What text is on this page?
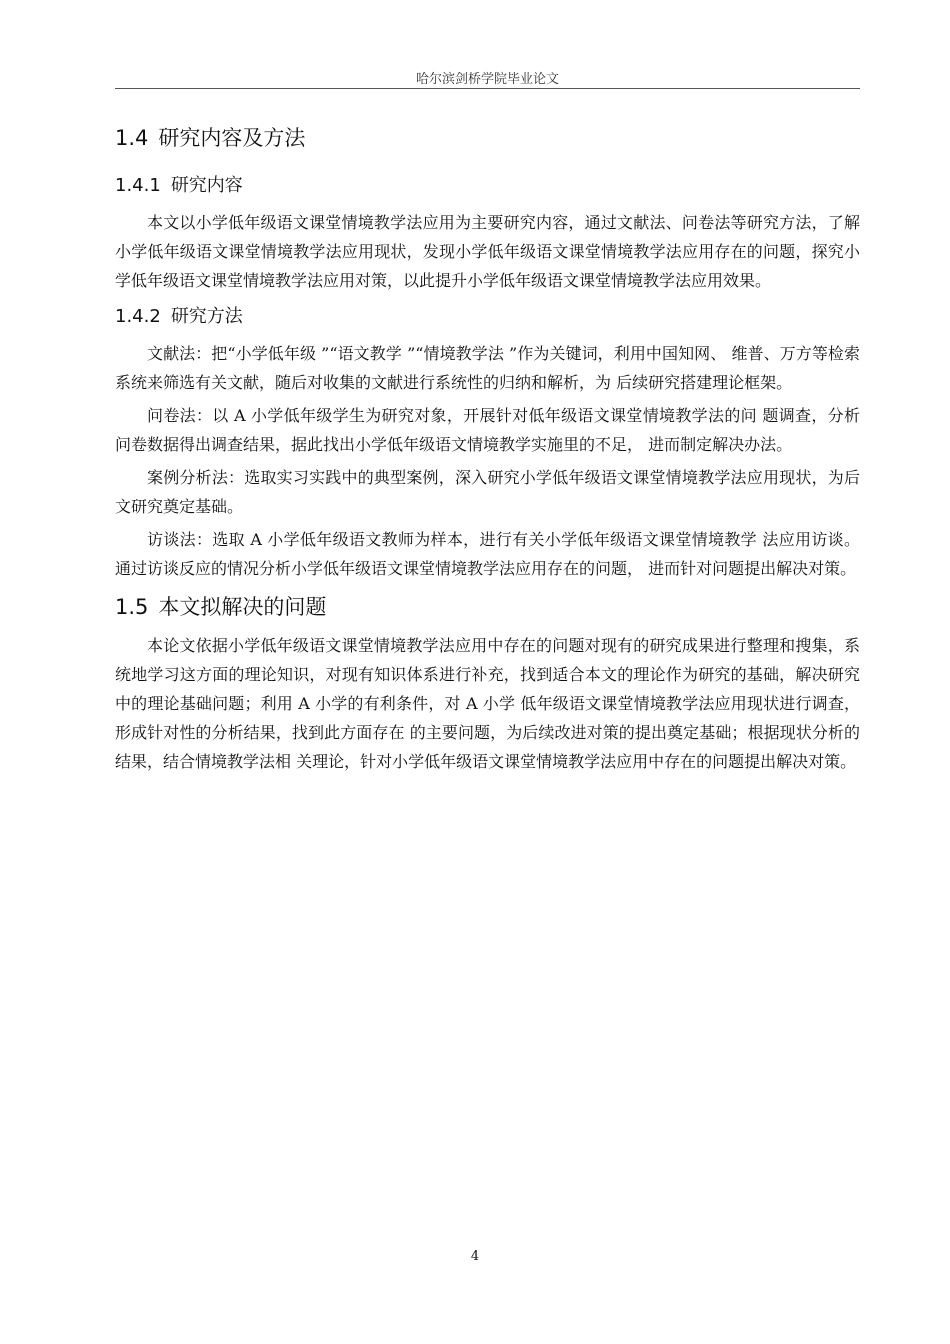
哈尔滨剑桥学院毕业论文
1.4 研究内容及方法
1.4.1 研究内容

本文以小学低年级语文课堂情境教学法应用为主要研究内容，通过文献法、问卷法等研究方法，了解小学低年级语文课堂情境教学法应用现状，发现小学低年级语文课堂情境教学法应用存在的问题，探究小学低年级语文课堂情境教学法应用对策，以此提升小学低年级语文课堂情境教学法应用效果。

1.4.2 研究方法

文献法：把“小学低年级 ”“语文教学 ”“情境教学法 ”作为关键词，利用中国知网、 维普、万方等检索系统来筛选有关文献，随后对收集的文献进行系统性的归纳和解析，为 后续研究搭建理论框架。

问卷法：以 A 小学低年级学生为研究对象，开展针对低年级语文课堂情境教学法的问 题调查，分析问卷数据得出调查结果，据此找出小学低年级语文情境教学实施里的不足， 进而制定解决办法。

案例分析法：选取实习实践中的典型案例，深入研究小学低年级语文课堂情境教学法应用现状，为后文研究奠定基础。

访谈法：选取 A 小学低年级语文教师为样本，进行有关小学低年级语文课堂情境教学 法应用访谈。通过访谈反应的情况分析小学低年级语文课堂情境教学法应用存在的问题， 进而针对问题提出解决对策。

1.5 本文拟解决的问题

本论文依据小学低年级语文课堂情境教学法应用中存在的问题对现有的研究成果进行整理和搜集，系统地学习这方面的理论知识，对现有知识体系进行补充，找到适合本文的理论作为研究的基础，解决研究中的理论基础问题；利用 A 小学的有利条件，对 A 小学 低年级语文课堂情境教学法应用现状进行调查，形成针对性的分析结果，找到此方面存在 的主要问题，为后续改进对策的提出奠定基础；根据现状分析的结果，结合情境教学法相 关理论，针对小学低年级语文课堂情境教学法应用中存在的问题提出解决对策。

4
